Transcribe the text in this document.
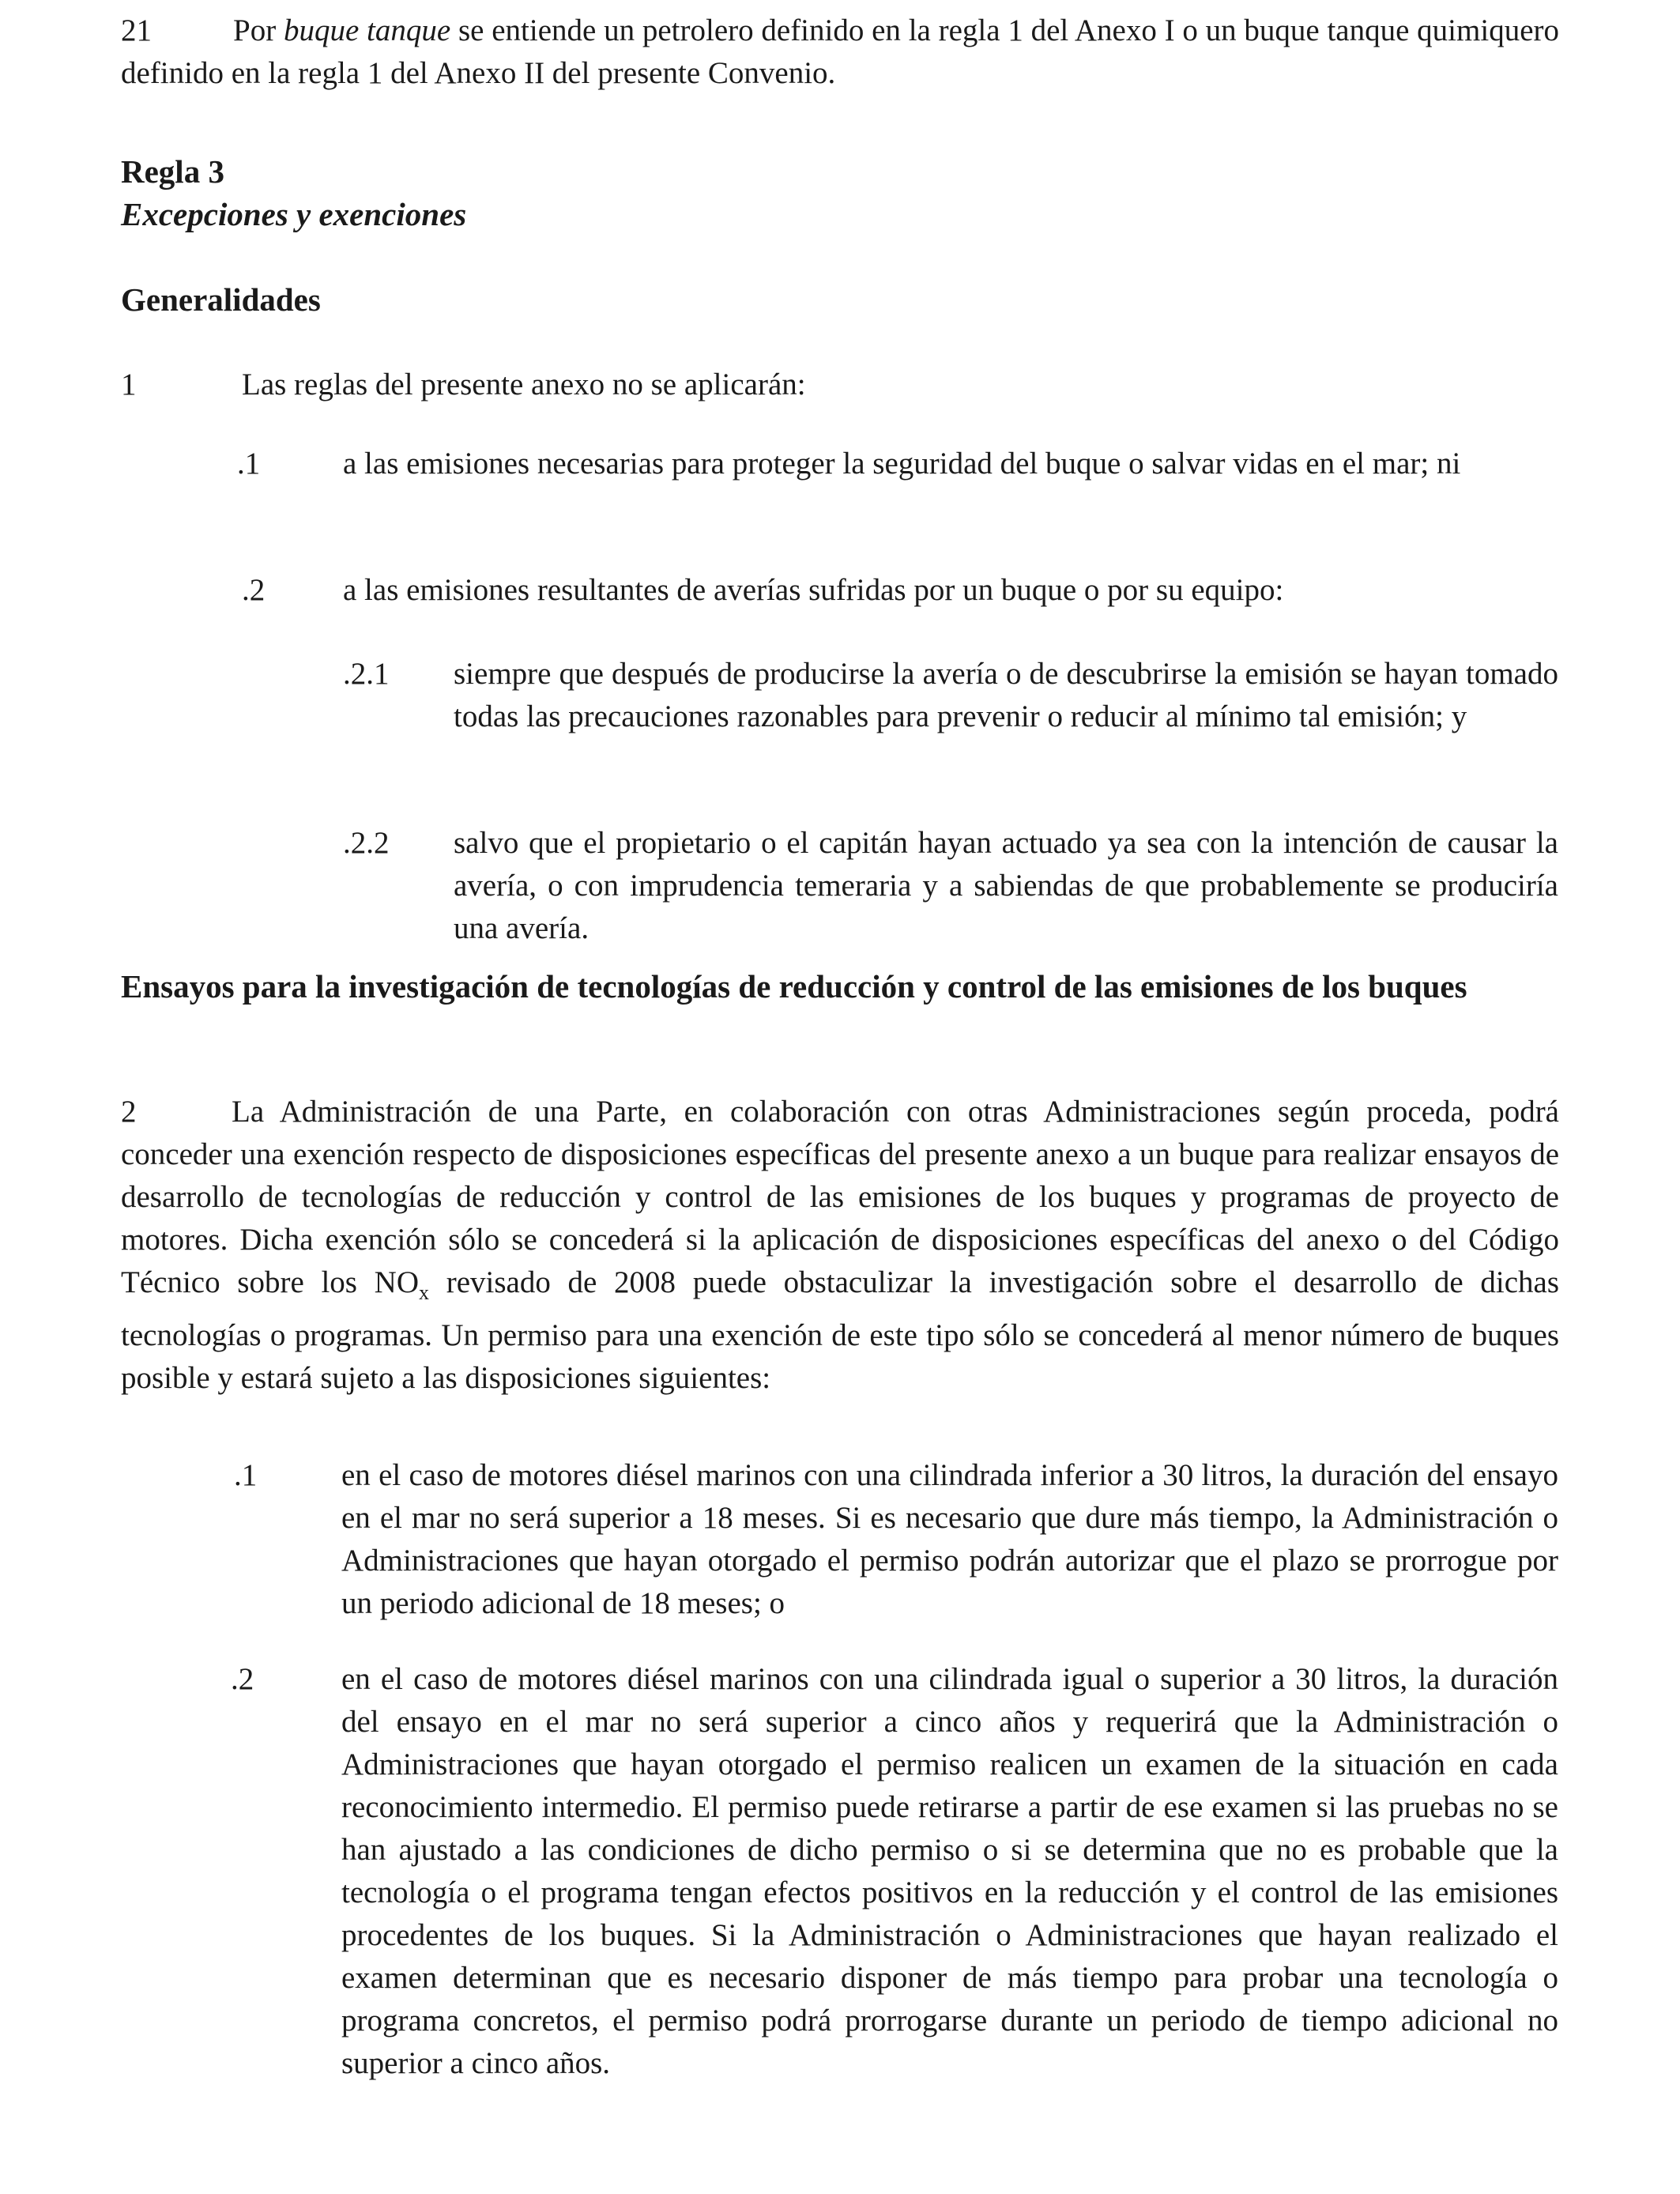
21	Por buque tanque se entiende un petrolero definido en la regla 1 del Anexo I o un buque tanque quimiquero definido en la regla 1 del Anexo II del presente Convenio.
Regla 3
Excepciones y exenciones
Generalidades
1	Las reglas del presente anexo no se aplicarán:
.1	a las emisiones necesarias para proteger la seguridad del buque o salvar vidas en el mar; ni
.2	a las emisiones resultantes de averías sufridas por un buque o por su equipo:
.2.1 siempre que después de producirse la avería o de descubrirse la emisión se hayan tomado todas las precauciones razonables para prevenir o reducir al mínimo tal emisión; y
.2.2 salvo que el propietario o el capitán hayan actuado ya sea con la intención de causar la avería, o con imprudencia temeraria y a sabiendas de que probablemente se produciría una avería.
Ensayos para la investigación de tecnologías de reducción y control de las emisiones de los buques
2	La Administración de una Parte, en colaboración con otras Administraciones según proceda, podrá conceder una exención respecto de disposiciones específicas del presente anexo a un buque para realizar ensayos de desarrollo de tecnologías de reducción y control de las emisiones de los buques y programas de proyecto de motores. Dicha exención sólo se concederá si la aplicación de disposiciones específicas del anexo o del Código Técnico sobre los $NO_x$ revisado de 2008 puede obstaculizar la investigación sobre el desarrollo de dichas tecnologías o programas. Un permiso para una exención de este tipo sólo se concederá al menor número de buques posible y estará sujeto a las disposiciones siguientes:
.1	en el caso de motores diésel marinos con una cilindrada inferior a 30 litros, la duración del ensayo en el mar no será superior a 18 meses. Si es necesario que dure más tiempo, la Administración o Administraciones que hayan otorgado el permiso podrán autorizar que el plazo se prorrogue por un periodo adicional de 18 meses; o
.2	en el caso de motores diésel marinos con una cilindrada igual o superior a 30 litros, la duración del ensayo en el mar no será superior a cinco años y requerirá que la Administración o Administraciones que hayan otorgado el permiso realicen un examen de la situación en cada reconocimiento intermedio. El permiso puede retirarse a partir de ese examen si las pruebas no se han ajustado a las condiciones de dicho permiso o si se determina que no es probable que la tecnología o el programa tengan efectos positivos en la reducción y el control de las emisiones procedentes de los buques. Si la Administración o Administraciones que hayan realizado el examen determinan que es necesario disponer de más tiempo para probar una tecnología o programa concretos, el permiso podrá prorrogarse durante un periodo de tiempo adicional no superior a cinco años.
